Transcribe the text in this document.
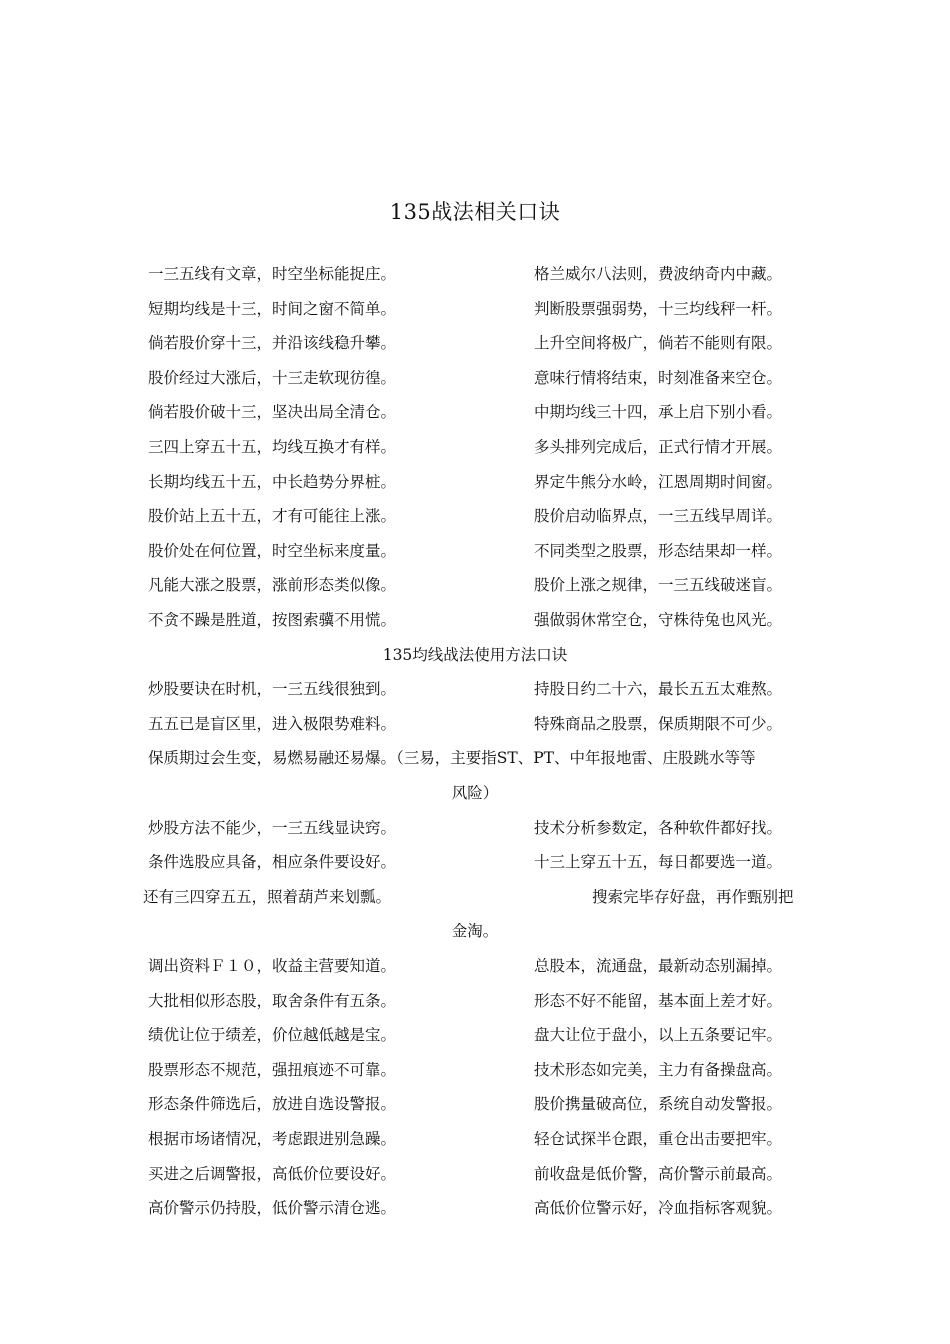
135战法相关口诀
一三五线有文章，时空坐标能捉庄。	格兰威尔八法则，费波纳奇内中藏。
短期均线是十三，时间之窗不简单。	判断股票强弱势，十三均线秤一杆。
倘若股价穿十三，并沿该线稳升攀。	上升空间将极广，倘若不能则有限。
股价经过大涨后，十三走软现彷徨。	意味行情将结束，时刻准备来空仓。
倘若股价破十三，坚决出局全清仓。	中期均线三十四，承上启下别小看。
三四上穿五十五，均线互换才有样。	多头排列完成后，正式行情才开展。
长期均线五十五，中长趋势分界桩。	界定牛熊分水岭，江恩周期时间窗。
股价站上五十五，才有可能往上涨。	股价启动临界点，一三五线早周详。
股价处在何位置，时空坐标来度量。	不同类型之股票，形态结果却一样。
凡能大涨之股票，涨前形态类似像。	股价上涨之规律，一三五线破迷盲。
不贪不躁是胜道，按图索骥不用慌。	强做弱休常空仓，守株待兔也风光。
135均线战法使用方法口诀
炒股要诀在时机，一三五线很独到。	持股日约二十六，最长五五太难熬。
五五已是盲区里，进入极限势难料。	特殊商品之股票，保质期限不可少。
保质期过会生变，易燃易融还易爆。（三易，主要指ST、PT、中年报地雷、庄股跳水等等
风险）
炒股方法不能少，一三五线显诀窍。	技术分析参数定，各种软件都好找。
条件选股应具备，相应条件要设好。	十三上穿五十五，每日都要选一道。
还有三四穿五五，照着葫芦来划瓢。	搜索完毕存好盘，再作甄别把
金淘。
调出资料Ｆ１０，收益主营要知道。	总股本，流通盘，最新动态别漏掉。
大批相似形态股，取舍条件有五条。	形态不好不能留，基本面上差才好。
绩优让位于绩差，价位越低越是宝。	盘大让位于盘小，以上五条要记牢。
股票形态不规范，强扭痕迹不可靠。	技术形态如完美，主力有备操盘高。
形态条件筛选后，放进自选设警报。	股价携量破高位，系统自动发警报。
根据市场诸情况，考虑跟进别急躁。	轻仓试探半仓跟，重仓出击要把牢。
买进之后调警报，高低价位要设好。	前收盘是低价警，高价警示前最高。
高价警示仍持股，低价警示清仓逃。	高低价位警示好，冷血指标客观貌。
